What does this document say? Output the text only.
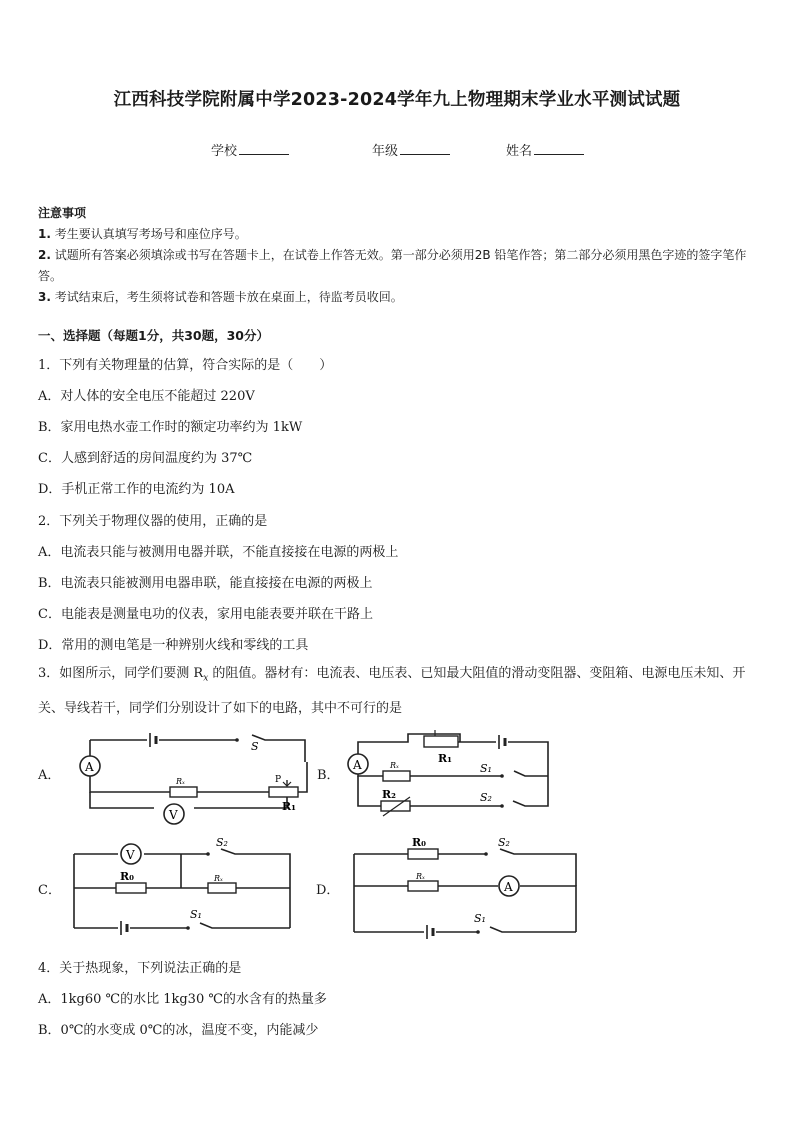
江西科技学院附属中学2023-2024学年九上物理期末学业水平测试试题
学校	年级	姓名

注意事项

1. 考生要认真填写考场号和座位序号。

2. 试题所有答案必须填涂或书写在答题卡上，在试卷上作答无效。第一部分必须用2B 铅笔作答；第二部分必须用黑色字迹的签字笔作答。

3. 考试结束后，考生须将试卷和答题卡放在桌面上，待监考员收回。

一、选择题（每题1分，共30题，30分）
1．下列有关物理量的估算，符合实际的是（　　）
A．对人体的安全电压不能超过 220V
B．家用电热水壶工作时的额定功率约为 1kW
C．人感到舒适的房间温度约为 37℃
D．手机正常工作的电流约为 10A
2．下列关于物理仪器的使用，正确的是
A．电流表只能与被测用电器并联，不能直接接在电源的两极上
B．电流表只能被测用电器串联，能直接接在电源的两极上
C．电能表是测量电功的仪表，家用电能表要并联在干路上
D．常用的测电笔是一种辨别火线和零线的工具
3．如图所示，同学们要测 $R_x$ 的阻值。器材有：电流表、电压表、已知最大阻值的滑动变阻器、变阻箱、电源电压未知、开关、导线若干，同学们分别设计了如下的电路，其中不可行的是
A．	B．
C．	D．
A
V
S
P
Rₓ
R₁
A	R₁
Rₓ	S₁
R₂	S₂
V
S₂
R₀	Rₓ
S₁
R₀	S₂
Rₓ
A
S₁
4．关于热现象，下列说法正确的是
A．1kg60 ℃的水比 1kg30 ℃的水含有的热量多
B．0℃的水变成 0℃的冰，温度不变，内能减少
